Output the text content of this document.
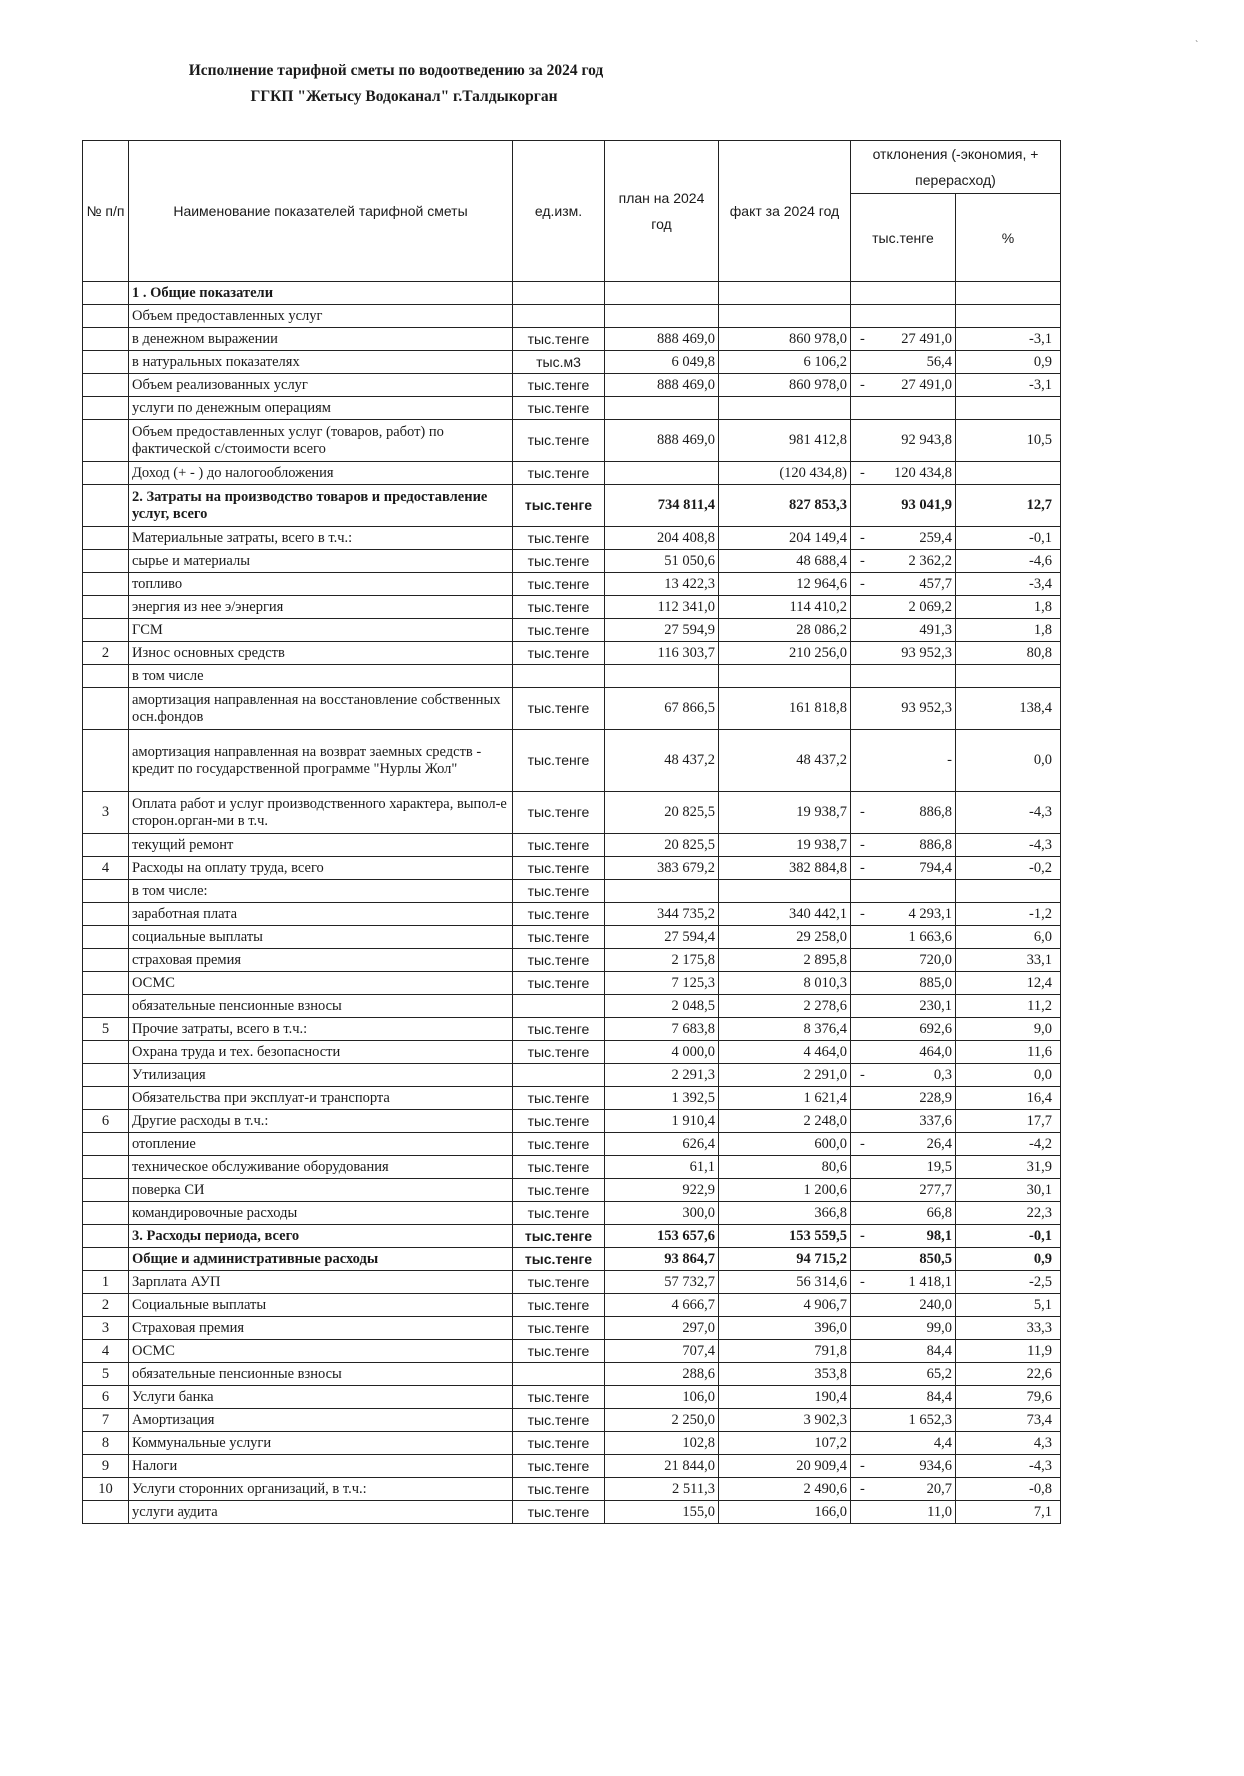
Исполнение тарифной сметы по водоотведению за 2024 год
ГГКП "Жетысу Водоканал" г.Талдыкорган
`
№ п/п	Наименование показателей тарифной сметы	ед.изм.	план на 2024 год	факт за 2024 год	отклонения (-экономия, + перерасход)	
					тыс.тенге	%
	1 . Общие показатели				

	Объем предоставленных услуг				

	в денежном выражении	тыс.тенге	888 469,0	860 978,0	- 27 491,0	-3,1
	в натуральных показателях	тыс.м3	6 049,8	6 106,2	56,4	0,9
	Объем реализованных услуг	тыс.тенге	888 469,0	860 978,0	- 27 491,0	-3,1
	услуги по денежным операциям	тыс.тенге			

	Объем предоставленных услуг (товаров, работ) по фактической с/стоимости всего	тыс.тенге	888 469,0	981 412,8	92 943,8	10,5
	Доход (+ - ) до налогообложения	тыс.тенге		(120 434,8)	- 120 434,8	

	2. Затраты на производство товаров и предоставление услуг, всего	тыс.тенге	734 811,4	827 853,3	93 041,9	12,7
	Материальные затраты, всего в т.ч.:	тыс.тенге	204 408,8	204 149,4	- 259,4	-0,1
	сырье и материалы	тыс.тенге	51 050,6	48 688,4	- 2 362,2	-4,6
	топливо	тыс.тенге	13 422,3	12 964,6	- 457,7	-3,4
	энергия из нее э/энергия	тыс.тенге	112 341,0	114 410,2	2 069,2	1,8
	ГСМ	тыс.тенге	27 594,9	28 086,2	491,3	1,8
2	Износ основных средств	тыс.тенге	116 303,7	210 256,0	93 952,3	80,8
	в том числе				

	амортизация направленная на восстановление собственных осн.фондов	тыс.тенге	67 866,5	161 818,8	93 952,3	138,4
	амортизация направленная на возврат заемных средств - кредит по государственной программе "Нурлы Жол"	тыс.тенге	48 437,2	48 437,2	-	0,0
3	Оплата работ и услуг производственного характера, выпол-е сторон.орган-ми в т.ч.	тыс.тенге	20 825,5	19 938,7	- 886,8	-4,3
	текущий ремонт	тыс.тенге	20 825,5	19 938,7	- 886,8	-4,3
4	Расходы на оплату труда, всего	тыс.тенге	383 679,2	382 884,8	- 794,4	-0,2
	в том числе:	тыс.тенге			

	заработная плата	тыс.тенге	344 735,2	340 442,1	- 4 293,1	-1,2
	социальные выплаты	тыс.тенге	27 594,4	29 258,0	1 663,6	6,0
	страховая премия	тыс.тенге	2 175,8	2 895,8	720,0	33,1
	ОСМС	тыс.тенге	7 125,3	8 010,3	885,0	12,4
	обязательные пенсионные взносы		2 048,5	2 278,6	230,1	11,2
5	Прочие затраты, всего в т.ч.:	тыс.тенге	7 683,8	8 376,4	692,6	9,0
	Охрана труда и тех. безопасности	тыс.тенге	4 000,0	4 464,0	464,0	11,6
	Утилизация		2 291,3	2 291,0	- 0,3	0,0
	Обязательства при эксплуат-и транспорта	тыс.тенге	1 392,5	1 621,4	228,9	16,4
6	Другие расходы в т.ч.:	тыс.тенге	1 910,4	2 248,0	337,6	17,7
	отопление	тыс.тенге	626,4	600,0	- 26,4	-4,2
	техническое обслуживание оборудования	тыс.тенге	61,1	80,6	19,5	31,9
	поверка СИ	тыс.тенге	922,9	1 200,6	277,7	30,1
	командировочные расходы	тыс.тенге	300,0	366,8	66,8	22,3
	3. Расходы периода, всего	тыс.тенге	153 657,6	153 559,5	- 98,1	-0,1
	Общие и административные расходы	тыс.тенге	93 864,7	94 715,2	850,5	0,9
1	Зарплата АУП	тыс.тенге	57 732,7	56 314,6	- 1 418,1	-2,5
2	Социальные выплаты	тыс.тенге	4 666,7	4 906,7	240,0	5,1
3	Страховая премия	тыс.тенге	297,0	396,0	99,0	33,3
4	ОСМС	тыс.тенге	707,4	791,8	84,4	11,9
5	обязательные пенсионные взносы		288,6	353,8	65,2	22,6
6	Услуги банка	тыс.тенге	106,0	190,4	84,4	79,6
7	Амортизация	тыс.тенге	2 250,0	3 902,3	1 652,3	73,4
8	Коммунальные услуги	тыс.тенге	102,8	107,2	4,4	4,3
9	Налоги	тыс.тенге	21 844,0	20 909,4	- 934,6	-4,3
10	Услуги сторонних организаций, в т.ч.:	тыс.тенге	2 511,3	2 490,6	- 20,7	-0,8
	услуги аудита	тыс.тенге	155,0	166,0	11,0	7,1
